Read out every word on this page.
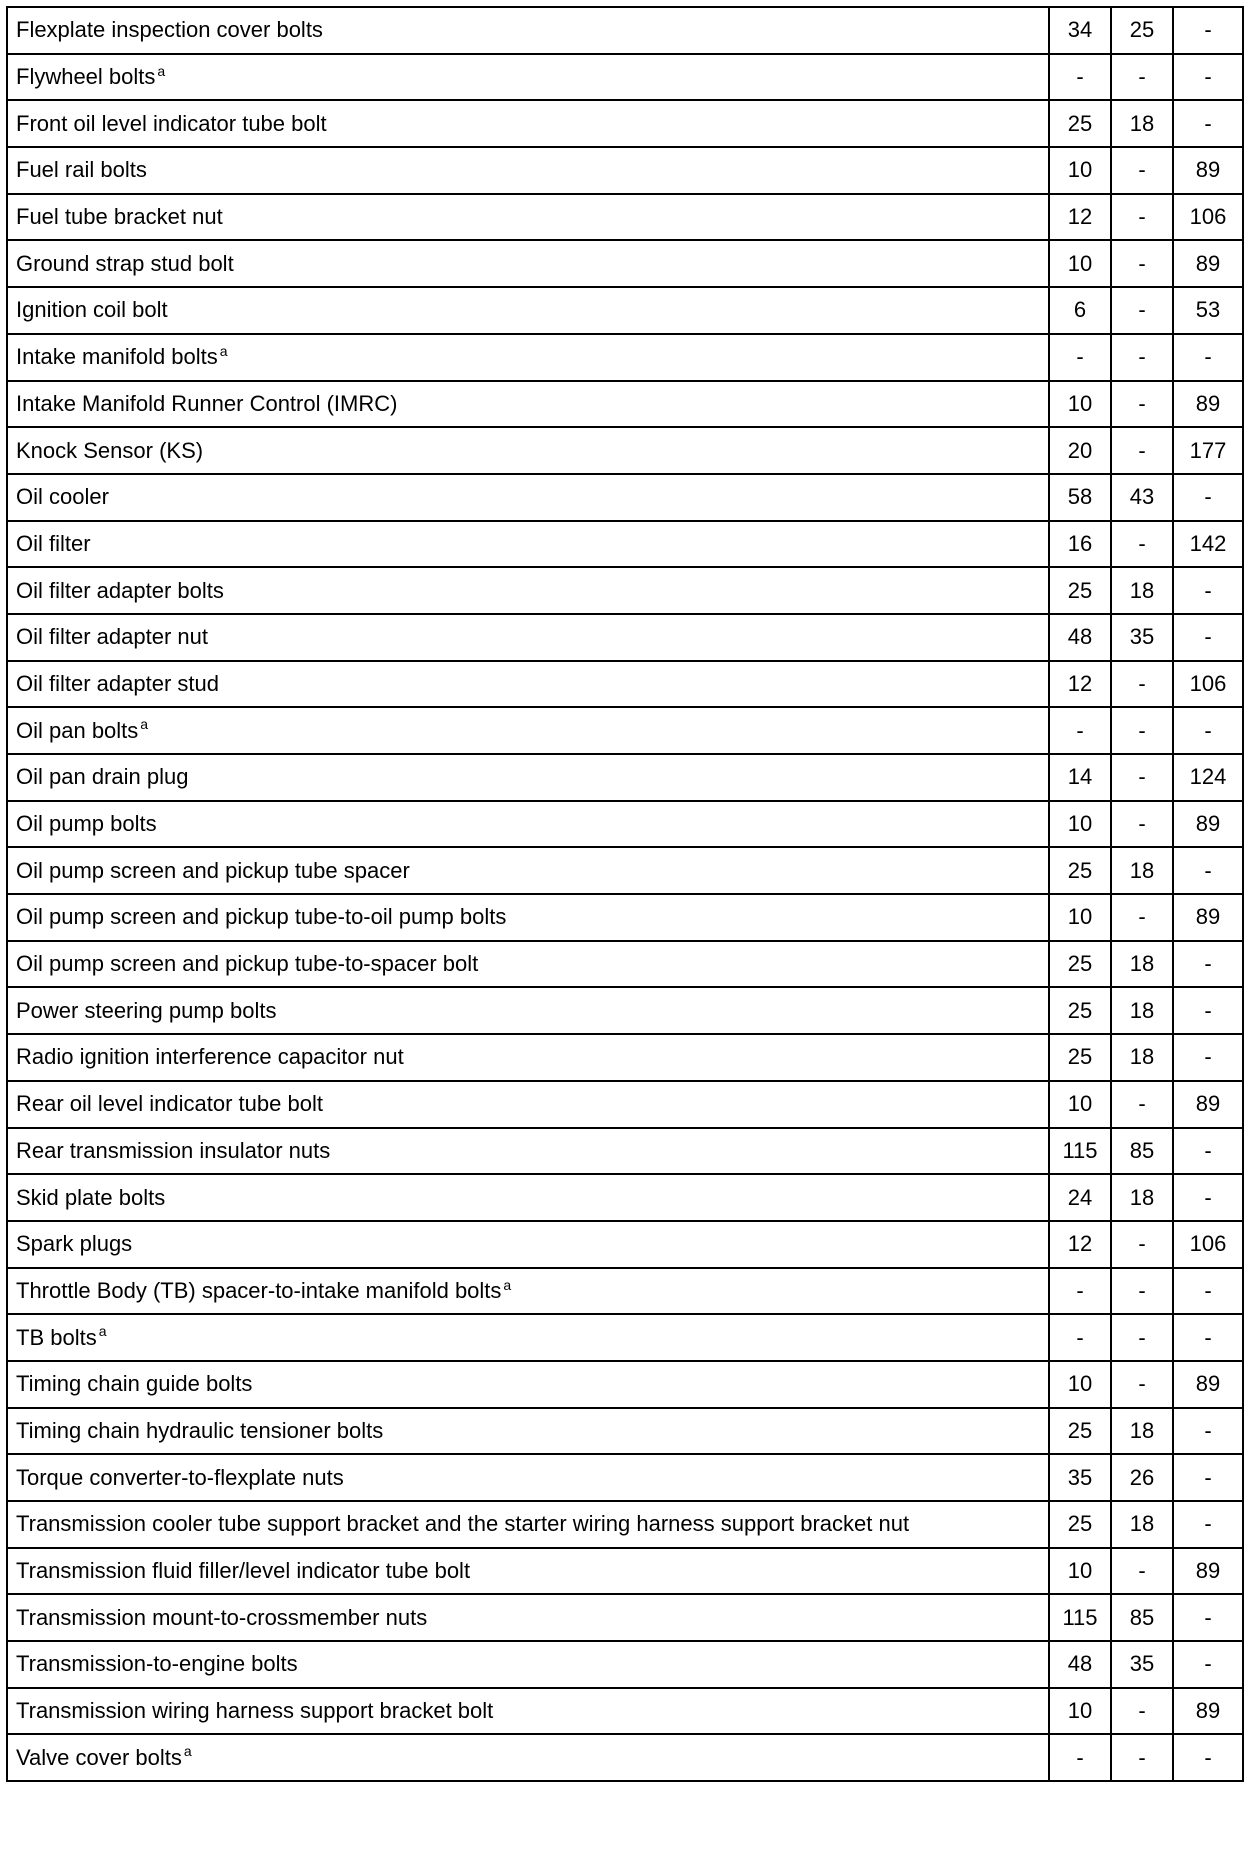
Flexplate inspection cover bolts	34	25	-
Flywheel bolts $^a$	-	-	-
Front oil level indicator tube bolt	25	18	-
Fuel rail bolts	10	-	89
Fuel tube bracket nut	12	-	106
Ground strap stud bolt	10	-	89
Ignition coil bolt	6	-	53
Intake manifold bolts $^a$	-	-	-
Intake Manifold Runner Control (IMRC)	10	-	89
Knock Sensor (KS)	20	-	177
Oil cooler	58	43	-
Oil filter	16	-	142
Oil filter adapter bolts	25	18	-
Oil filter adapter nut	48	35	-
Oil filter adapter stud	12	-	106
Oil pan bolts $^a$	-	-	-
Oil pan drain plug	14	-	124
Oil pump bolts	10	-	89
Oil pump screen and pickup tube spacer	25	18	-
Oil pump screen and pickup tube-to-oil pump bolts	10	-	89
Oil pump screen and pickup tube-to-spacer bolt	25	18	-
Power steering pump bolts	25	18	-
Radio ignition interference capacitor nut	25	18	-
Rear oil level indicator tube bolt	10	-	89
Rear transmission insulator nuts	115	85	-
Skid plate bolts	24	18	-
Spark plugs	12	-	106
Throttle Body (TB) spacer-to-intake manifold bolts $^a$	-	-	-
TB bolts $^a$	-	-	-
Timing chain guide bolts	10	-	89
Timing chain hydraulic tensioner bolts	25	18	-
Torque converter-to-flexplate nuts	35	26	-
Transmission cooler tube support bracket and the starter wiring harness support bracket nut	25	18	-
Transmission fluid filler/level indicator tube bolt	10	-	89
Transmission mount-to-crossmember nuts	115	85	-
Transmission-to-engine bolts	48	35	-
Transmission wiring harness support bracket bolt	10	-	89
Valve cover bolts $^a$	-	-	-
